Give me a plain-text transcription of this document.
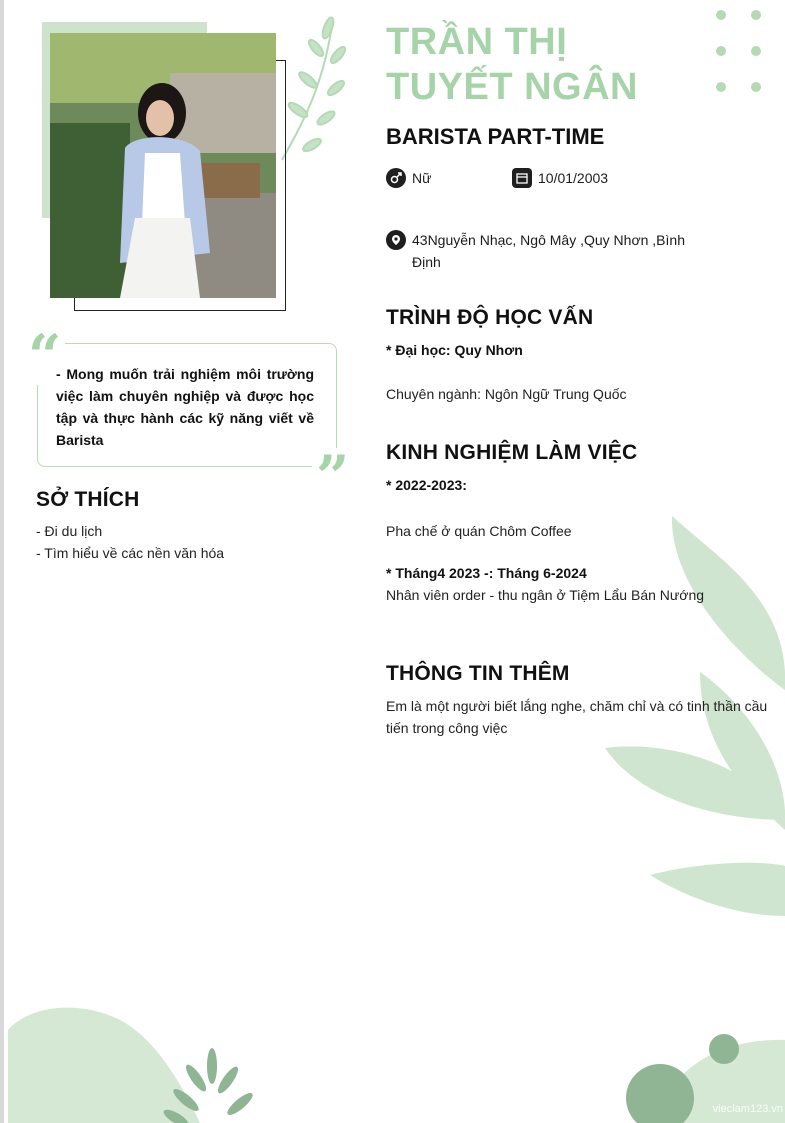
TRẦN THỊ
TUYẾT NGÂN
BARISTA PART-TIME
Nữ	10/01/2003
43Nguyễn Nhạc, Ngô Mây ,Quy Nhơn ,Bình Định
“
”
- Mong muốn trải nghiệm môi trường việc làm chuyên nghiệp và được học tập và thực hành các kỹ năng viết về Barista
SỞ THÍCH
- Đi du lịch
- Tìm hiểu về các nền văn hóa
TRÌNH ĐỘ HỌC VẤN
* Đại học: Quy Nhơn
Chuyên ngành: Ngôn Ngữ Trung Quốc
KINH NGHIỆM LÀM VIỆC
* 2022-2023:
Pha chế ở quán Chôm Coffee
* Tháng4 2023 -: Tháng 6-2024
Nhân viên order - thu ngân ở Tiệm Lẩu Bán Nướng
THÔNG TIN THÊM
Em là một người biết lắng nghe, chăm chỉ và có tinh thần cầu tiến trong công việc
vieclam123.vn
